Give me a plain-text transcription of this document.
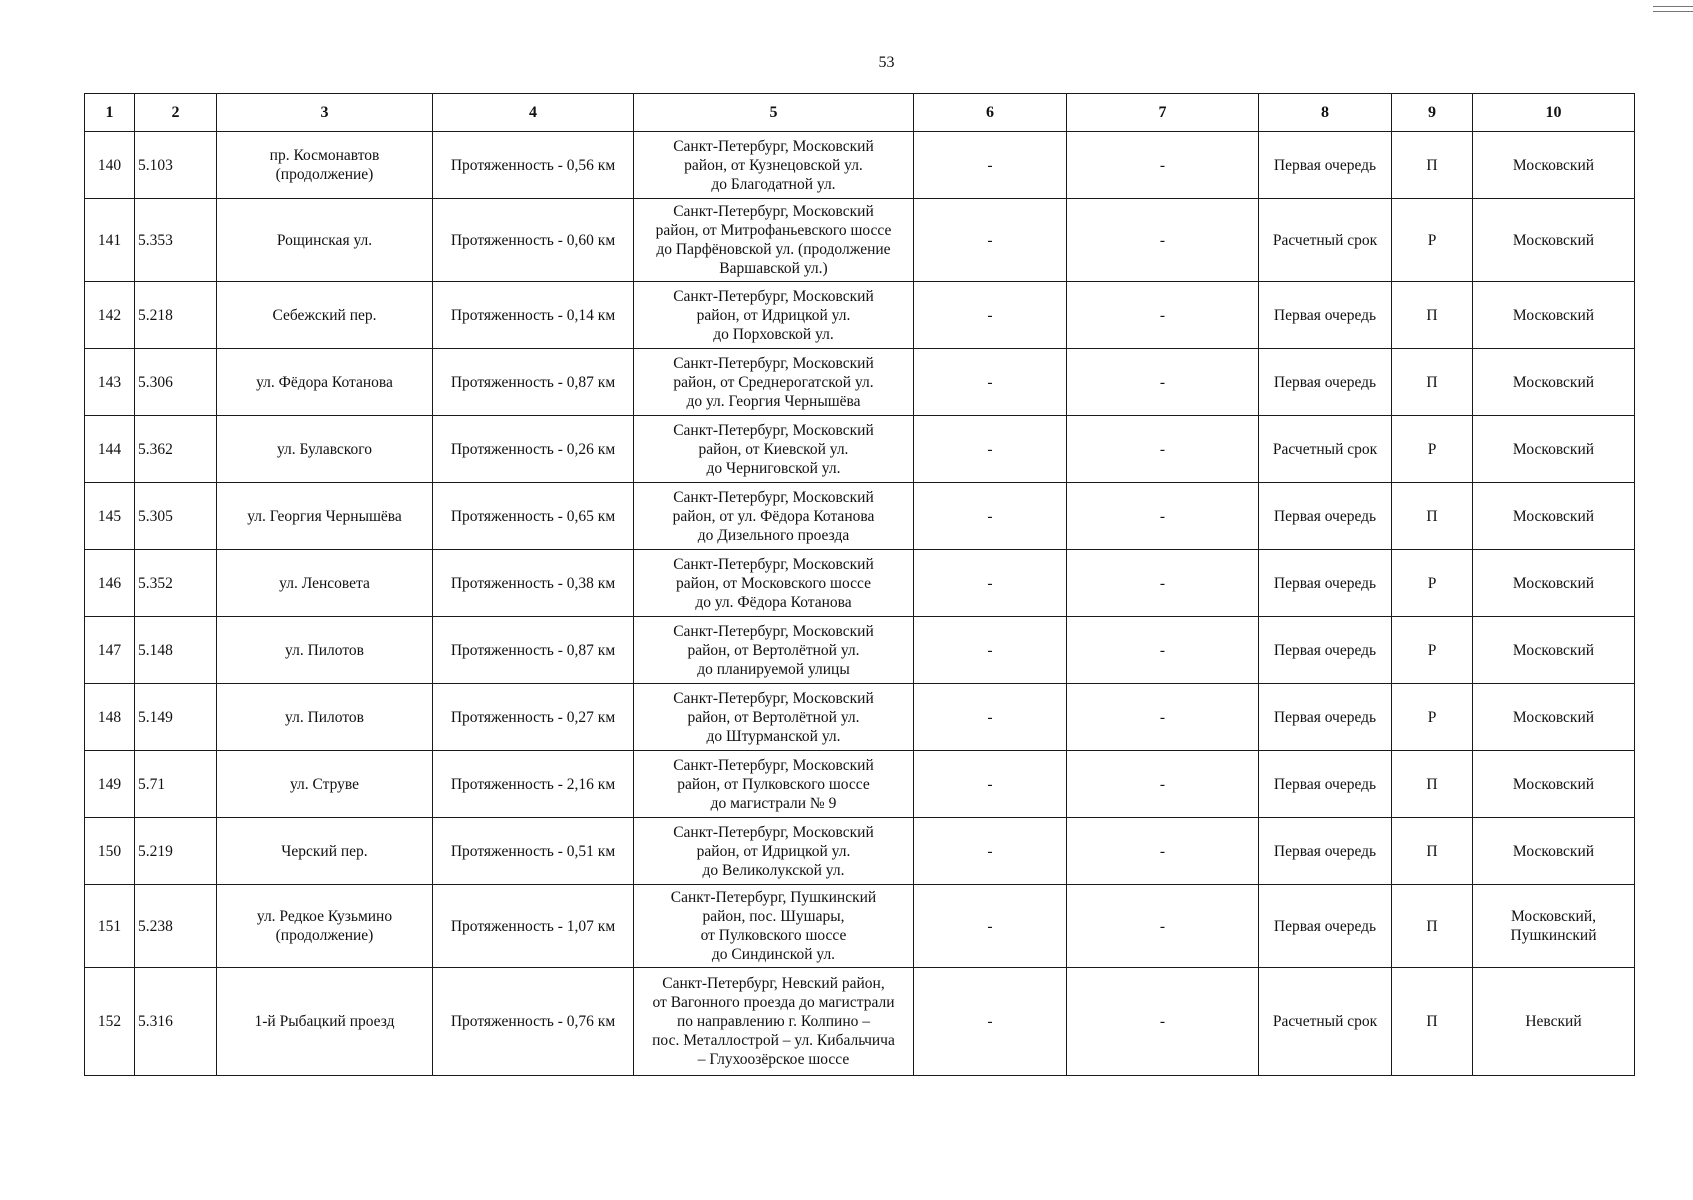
53
1	2	3	4	5	6	7	8	9	10
140	5.103	пр. Космонавтов
(продолжение)	Протяженность - 0,56 км	Санкт-Петербург, Московский
район, от Кузнецовской ул.
до Благодатной ул.	-	-	Первая очередь	П	Московский
141	5.353	Рощинская ул.	Протяженность - 0,60 км	Санкт-Петербург, Московский
район, от Митрофаньевского шоссе
до Парфёновской ул. (продолжение
Варшавской ул.)	-	-	Расчетный срок	Р	Московский
142	5.218	Себежский пер.	Протяженность - 0,14 км	Санкт-Петербург, Московский
район, от Идрицкой ул.
до Порховской ул.	-	-	Первая очередь	П	Московский
143	5.306	ул. Фёдора Котанова	Протяженность - 0,87 км	Санкт-Петербург, Московский
район, от Среднерогатской ул.
до ул. Георгия Чернышёва	-	-	Первая очередь	П	Московский
144	5.362	ул. Булавского	Протяженность - 0,26 км	Санкт-Петербург, Московский
район, от Киевской ул.
до Черниговской ул.	-	-	Расчетный срок	Р	Московский
145	5.305	ул. Георгия Чернышёва	Протяженность - 0,65 км	Санкт-Петербург, Московский
район, от ул. Фёдора Котанова
до Дизельного проезда	-	-	Первая очередь	П	Московский
146	5.352	ул. Ленсовета	Протяженность - 0,38 км	Санкт-Петербург, Московский
район, от Московского шоссе
до ул. Фёдора Котанова	-	-	Первая очередь	Р	Московский
147	5.148	ул. Пилотов	Протяженность - 0,87 км	Санкт-Петербург, Московский
район, от Вертолётной ул.
до планируемой улицы	-	-	Первая очередь	Р	Московский
148	5.149	ул. Пилотов	Протяженность - 0,27 км	Санкт-Петербург, Московский
район, от Вертолётной ул.
до Штурманской ул.	-	-	Первая очередь	Р	Московский
149	5.71	ул. Струве	Протяженность - 2,16 км	Санкт-Петербург, Московский
район, от Пулковского шоссе
до магистрали № 9	-	-	Первая очередь	П	Московский
150	5.219	Черский пер.	Протяженность - 0,51 км	Санкт-Петербург, Московский
район, от Идрицкой ул.
до Великолукской ул.	-	-	Первая очередь	П	Московский
151	5.238	ул. Редкое Кузьмино
(продолжение)	Протяженность - 1,07 км	Санкт-Петербург, Пушкинский
район, пос. Шушары,
от Пулковского шоссе
до Синдинской ул.	-	-	Первая очередь	П	Московский,
Пушкинский
152	5.316	1-й Рыбацкий проезд	Протяженность - 0,76 км	Санкт-Петербург, Невский район,
от Вагонного проезда до магистрали
по направлению г. Колпино –
пос. Металлострой – ул. Кибальчича
– Глухоозёрское шоссе	-	-	Расчетный срок	П	Невский
